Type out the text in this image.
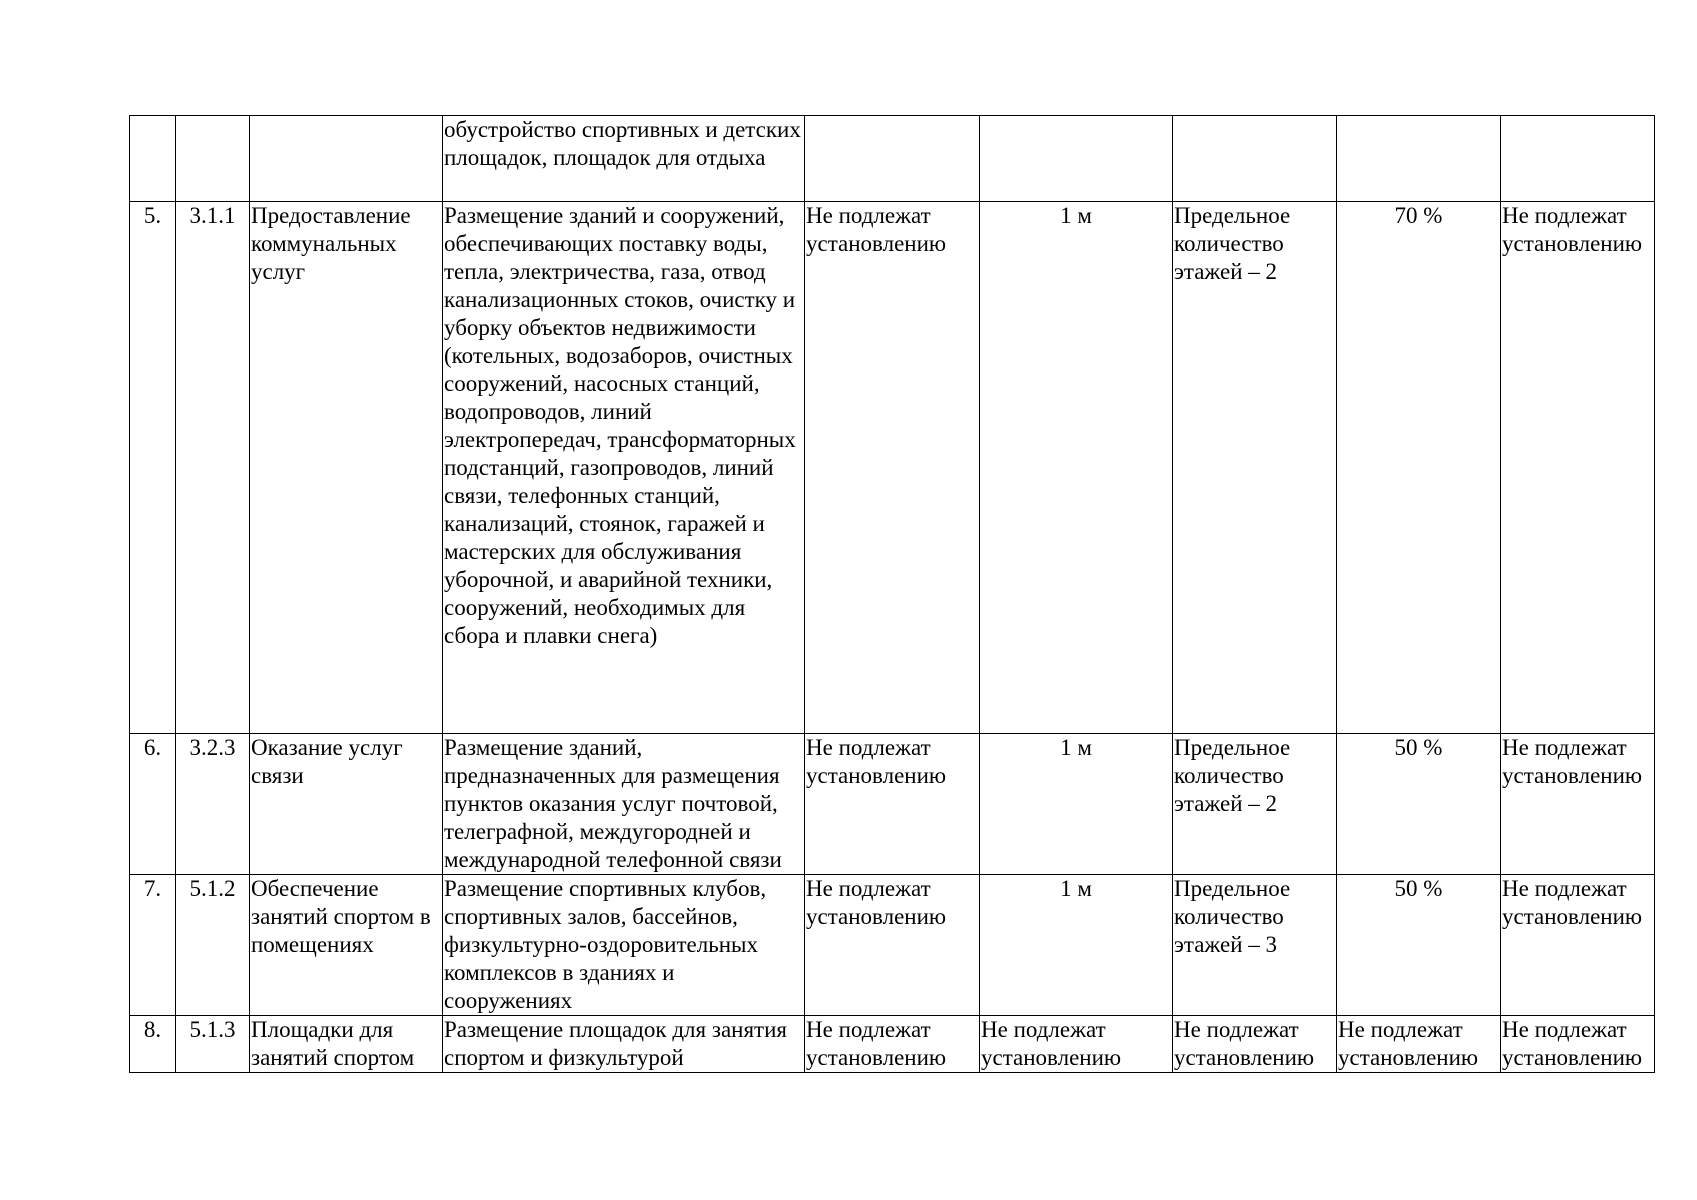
			обустройство спортивных и детских площадок, площадок для отдыха					
5.	3.1.1	Предоставление коммунальных услуг	Размещение зданий и сооружений, обеспечивающих поставку воды, тепла, электричества, газа, отвод канализационных стоков, очистку и уборку объектов недвижимости (котельных, водозаборов, очистных сооружений, насосных станций, водопроводов, линий электропередач, трансформаторных подстанций, газопроводов, линий связи, телефонных станций, канализаций, стоянок, гаражей и мастерских для обслуживания уборочной, и аварийной техники, сооружений, необходимых для сбора и плавки снега)	Не подлежат установлению	1 м	Предельное количество этажей – 2	70 %	Не подлежат установлению
6.	3.2.3	Оказание услуг связи	Размещение зданий, предназначенных для размещения пунктов оказания услуг почтовой, телеграфной, междугородней и международной телефонной связи	Не подлежат установлению	1 м	Предельное количество этажей – 2	50 %	Не подлежат установлению
7.	5.1.2	Обеспечение занятий спортом в помещениях	Размещение спортивных клубов, спортивных залов, бассейнов, физкультурно-оздоровительных комплексов в зданиях и сооружениях	Не подлежат установлению	1 м	Предельное количество этажей – 3	50 %	Не подлежат установлению
8.	5.1.3	Площадки для занятий спортом	Размещение площадок для занятия спортом и физкультурой	Не подлежат установлению	Не подлежат установлению	Не подлежат установлению	Не подлежат установлению	Не подлежат установлению
